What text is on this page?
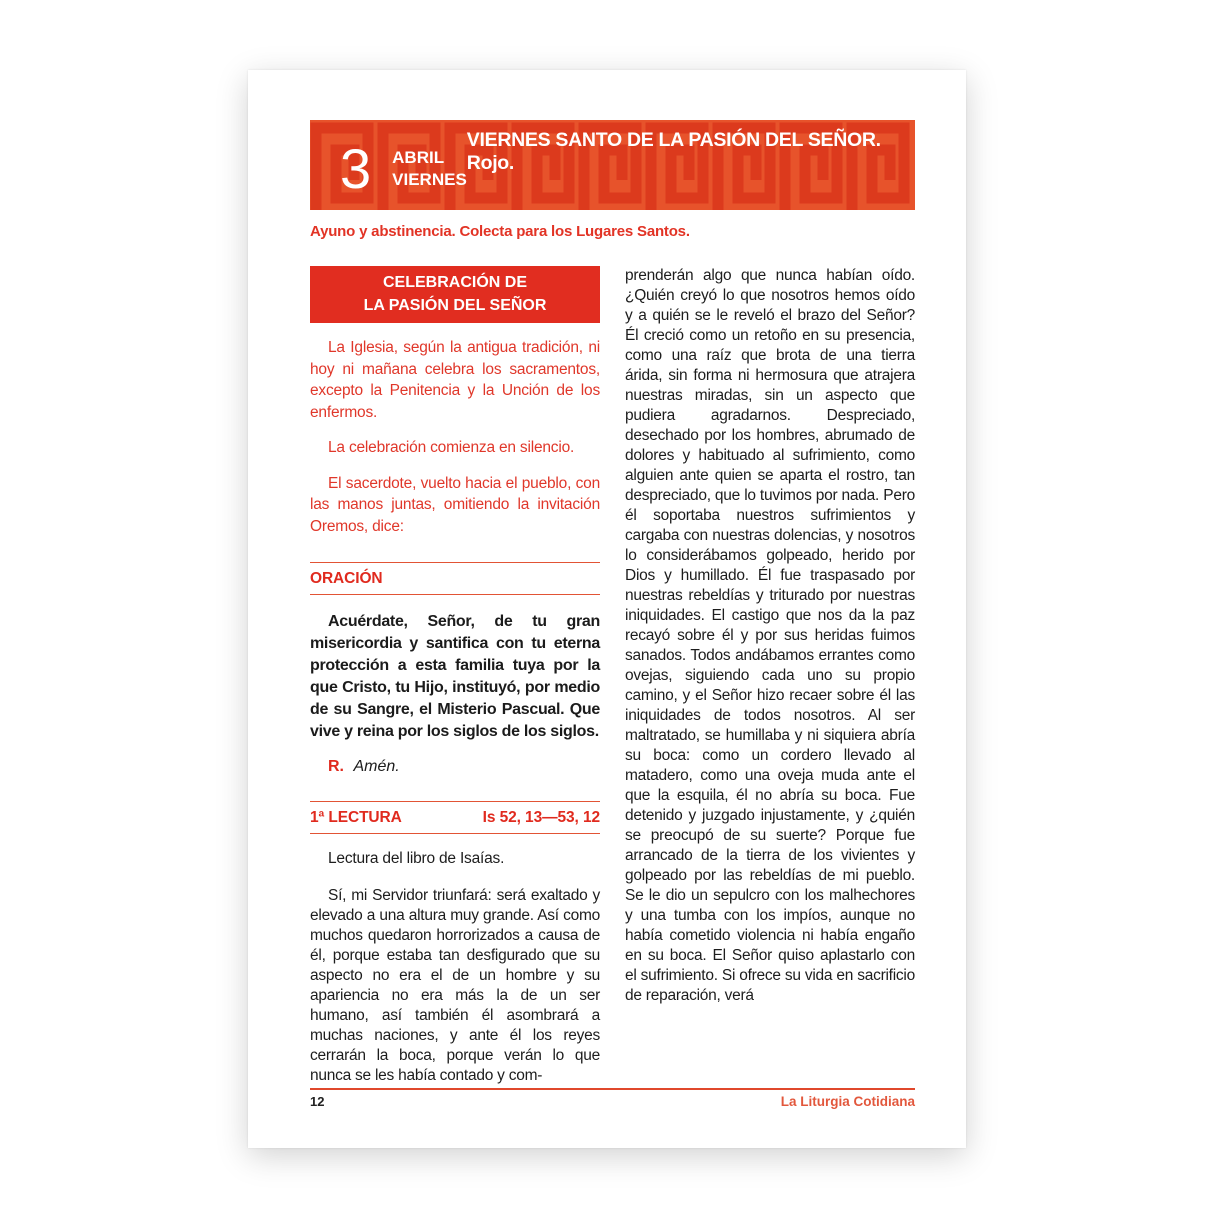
3 ABRIL
VIERNES
VIERNES SANTO DE LA PASIÓN DEL SEÑOR. Rojo.
Ayuno y abstinencia. Colecta para los Lugares Santos.
CELEBRACIÓN DE
LA PASIÓN DEL SEÑOR

La Iglesia, según la antigua tradición, ni hoy ni mañana celebra los sacramentos, excepto la Penitencia y la Unción de los enfermos.

La celebración comienza en silencio.

El sacerdote, vuelto hacia el pueblo, con las manos juntas, omitiendo la invitación Oremos, dice:

ORACIÓN

Acuérdate, Señor, de tu gran misericordia y santifica con tu eterna protección a esta familia tuya por la que Cristo, tu Hijo, instituyó, por medio de su Sangre, el Misterio Pascual. Que vive y reina por los siglos de los siglos.

R. Amén.

1ª LECTURA	Is 52, 13—53, 12

Lectura del libro de Isaías.

Sí, mi Servidor triunfará: será exaltado y elevado a una altura muy grande. Así como muchos quedaron horrorizados a causa de él, porque estaba tan desfigurado que su aspecto no era el de un hombre y su apariencia no era más la de un ser humano, así también él asombrará a muchas naciones, y ante él los reyes cerrarán la boca, porque verán lo que nunca se les había contado y com-

prenderán algo que nunca habían oído. ¿Quién creyó lo que nosotros hemos oído y a quién se le reveló el brazo del Señor? Él creció como un retoño en su presencia, como una raíz que brota de una tierra árida, sin forma ni hermosura que atrajera nuestras miradas, sin un aspecto que pudiera agradarnos. Despreciado, desechado por los hombres, abrumado de dolores y habituado al sufrimiento, como alguien ante quien se aparta el rostro, tan despreciado, que lo tuvimos por nada. Pero él soportaba nuestros sufrimientos y cargaba con nuestras dolencias, y nosotros lo considerábamos golpeado, herido por Dios y humillado. Él fue traspasado por nuestras rebeldías y triturado por nuestras iniquidades. El castigo que nos da la paz recayó sobre él y por sus heridas fuimos sanados. Todos andábamos errantes como ovejas, siguiendo cada uno su propio camino, y el Señor hizo recaer sobre él las iniquidades de todos nosotros. Al ser maltratado, se humillaba y ni siquiera abría su boca: como un cordero llevado al matadero, como una oveja muda ante el que la esquila, él no abría su boca. Fue detenido y juzgado injustamente, y ¿quién se preocupó de su suerte? Porque fue arrancado de la tierra de los vivientes y golpeado por las rebeldías de mi pueblo. Se le dio un sepulcro con los malhechores y una tumba con los impíos, aunque no había cometido violencia ni había engaño en su boca. El Señor quiso aplastarlo con el sufrimiento. Si ofrece su vida en sacrificio de reparación, verá

12	La Liturgia Cotidiana
